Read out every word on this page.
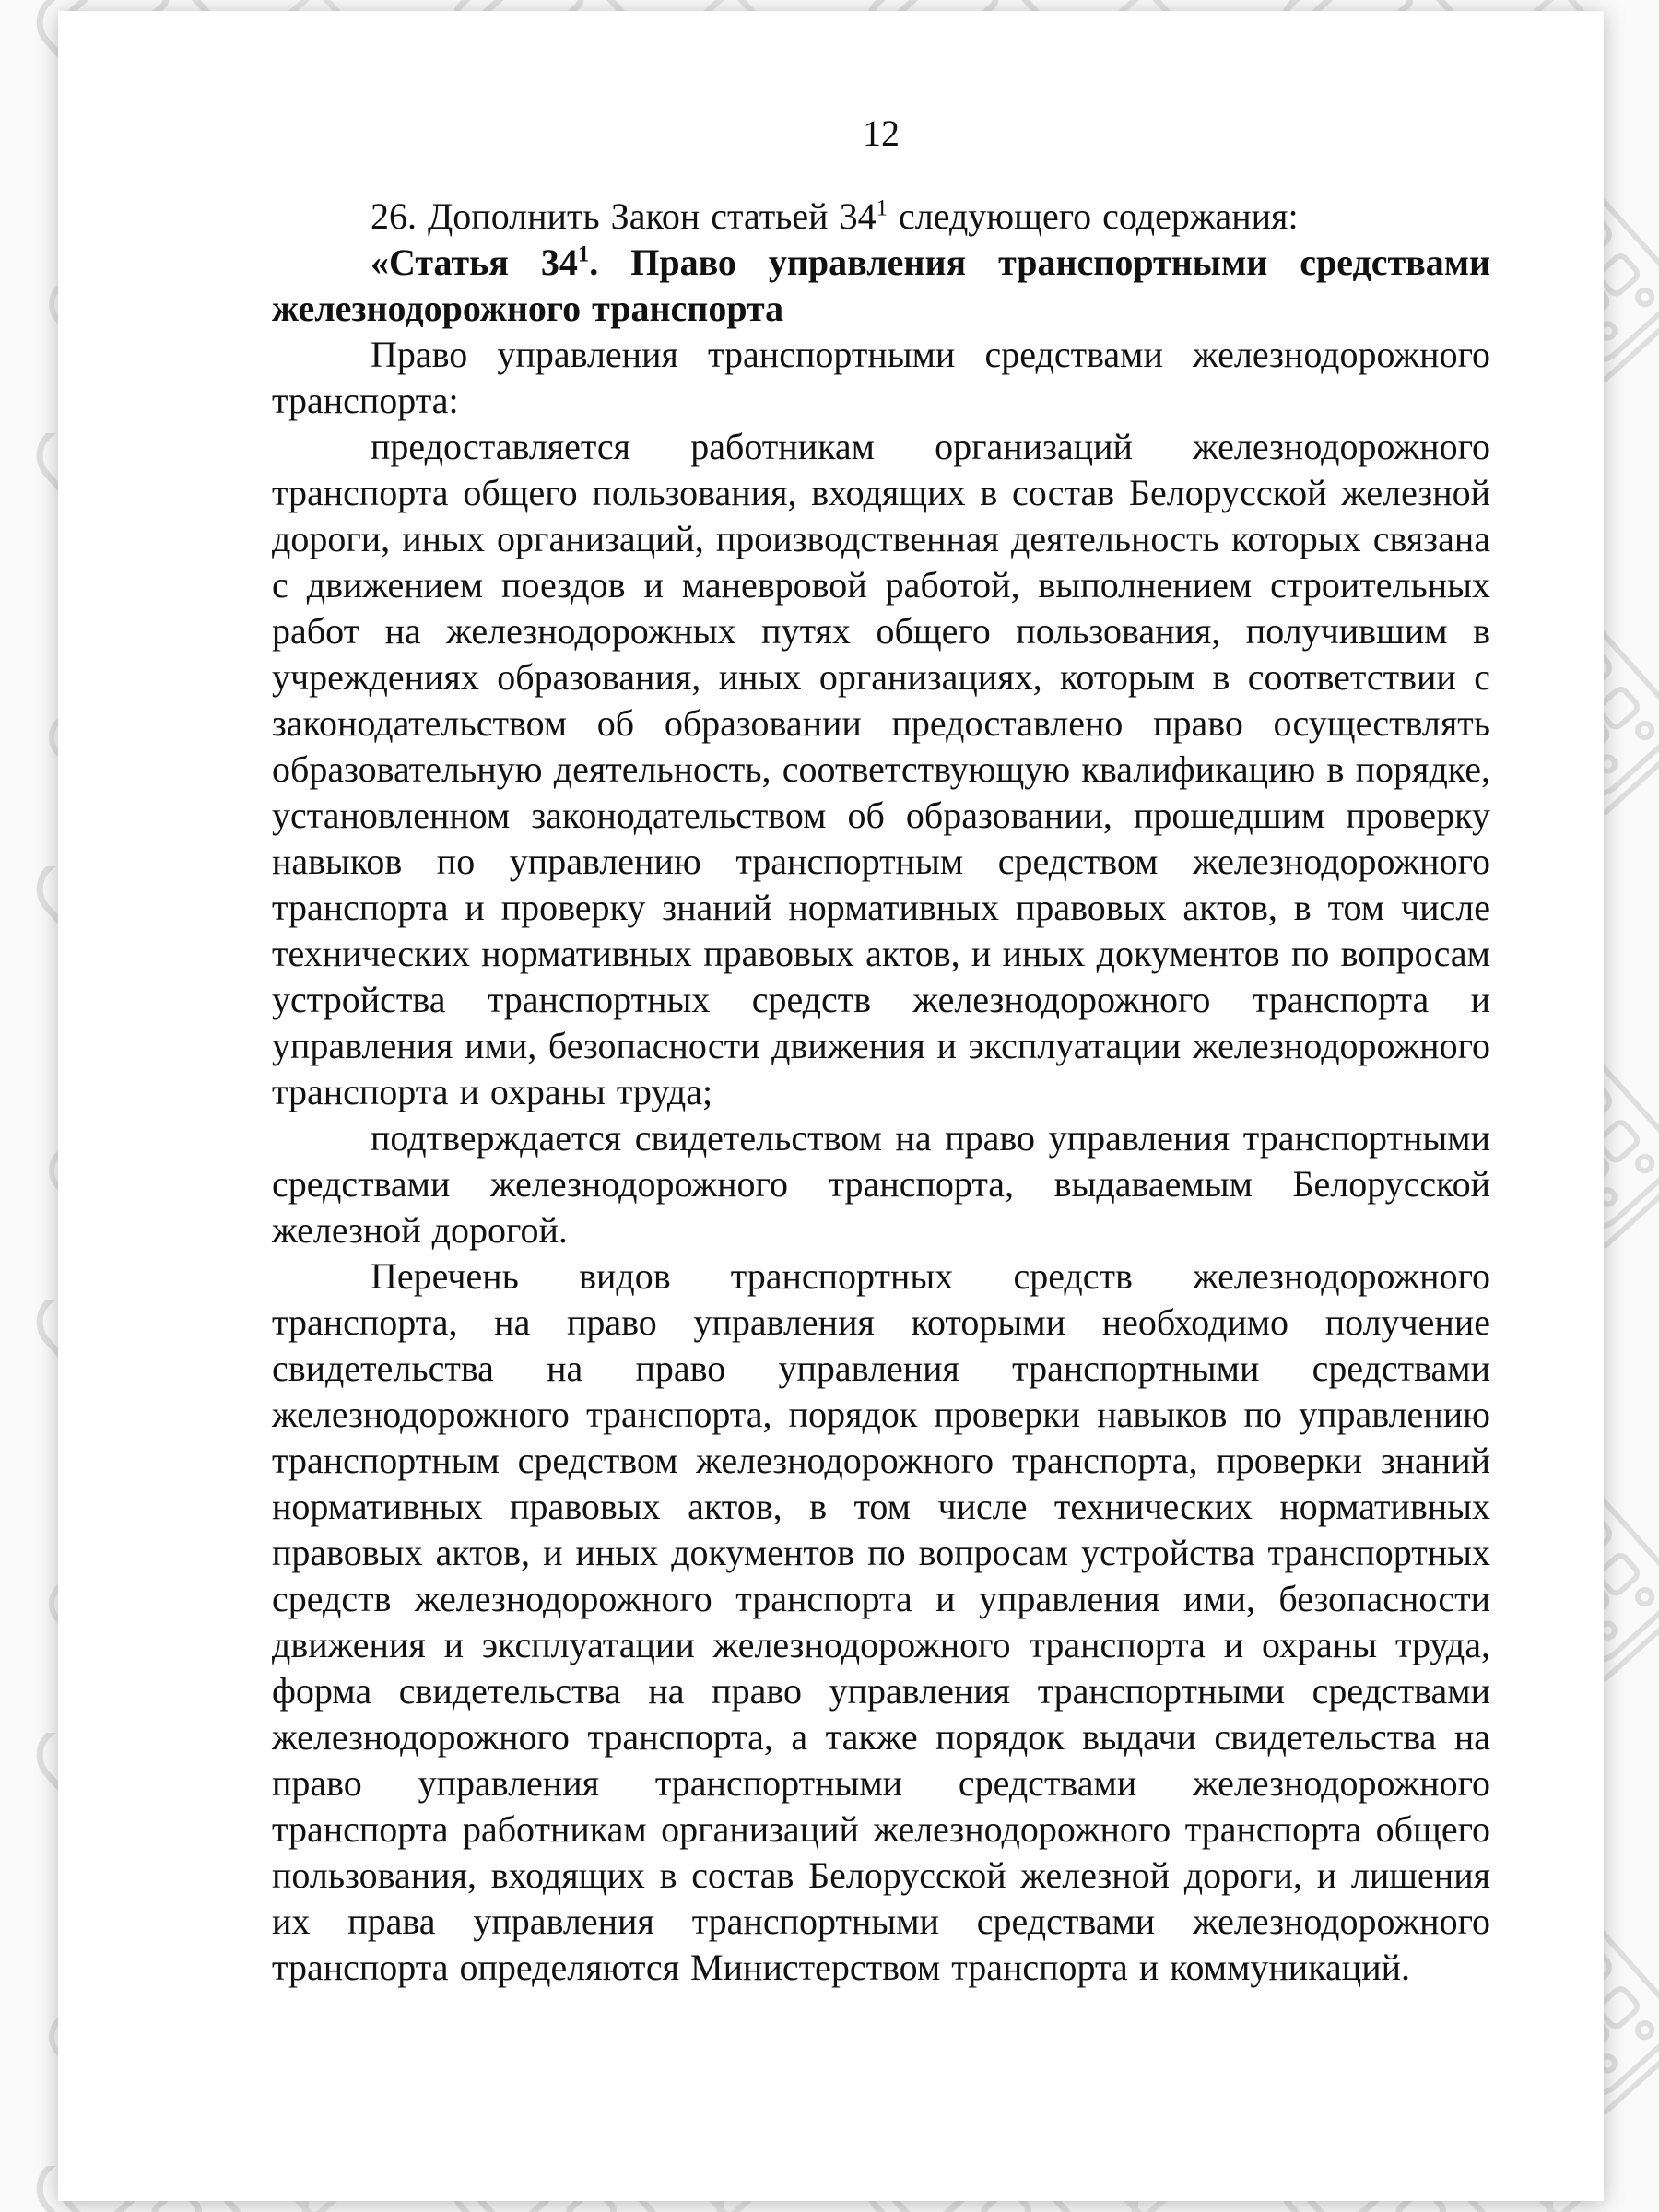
12

26. Дополнить Закон статьей $34^1$ следующего содержания:

«Статья $34^1$. Право управления транспортными средствами железнодорожного транспорта

Право управления транспортными средствами железнодорожного транспорта:

предоставляется работникам организаций железнодорожного транспорта общего пользования, входящих в состав Белорусской железной дороги, иных организаций, производственная деятельность которых связана с движением поездов и маневровой работой, выполнением строительных работ на железнодорожных путях общего пользования, получившим в учреждениях образования, иных организациях, которым в соответствии с законодательством об образовании предоставлено право осуществлять образовательную деятельность, соответствующую квалификацию в порядке, установленном законодательством об образовании, прошедшим проверку навыков по управлению транспортным средством железнодорожного транспорта и проверку знаний нормативных правовых актов, в том числе технических нормативных правовых актов, и иных документов по вопросам устройства транспортных средств железнодорожного транспорта и управления ими, безопасности движения и эксплуатации железнодорожного транспорта и охраны труда;

подтверждается свидетельством на право управления транспортными средствами железнодорожного транспорта, выдаваемым Белорусской железной дорогой.

Перечень видов транспортных средств железнодорожного транспорта, на право управления которыми необходимо получение свидетельства на право управления транспортными средствами железнодорожного транспорта, порядок проверки навыков по управлению транспортным средством железнодорожного транспорта, проверки знаний нормативных правовых актов, в том числе технических нормативных правовых актов, и иных документов по вопросам устройства транспортных средств железнодорожного транспорта и управления ими, безопасности движения и эксплуатации железнодорожного транспорта и охраны труда, форма свидетельства на право управления транспортными средствами железнодорожного транспорта, а также порядок выдачи свидетельства на право управления транспортными средствами железнодорожного транспорта работникам организаций железнодорожного транспорта общего пользования, входящих в состав Белорусской железной дороги, и лишения их права управления транспортными средствами железнодорожного транспорта определяются Министерством транспорта и коммуникаций.
